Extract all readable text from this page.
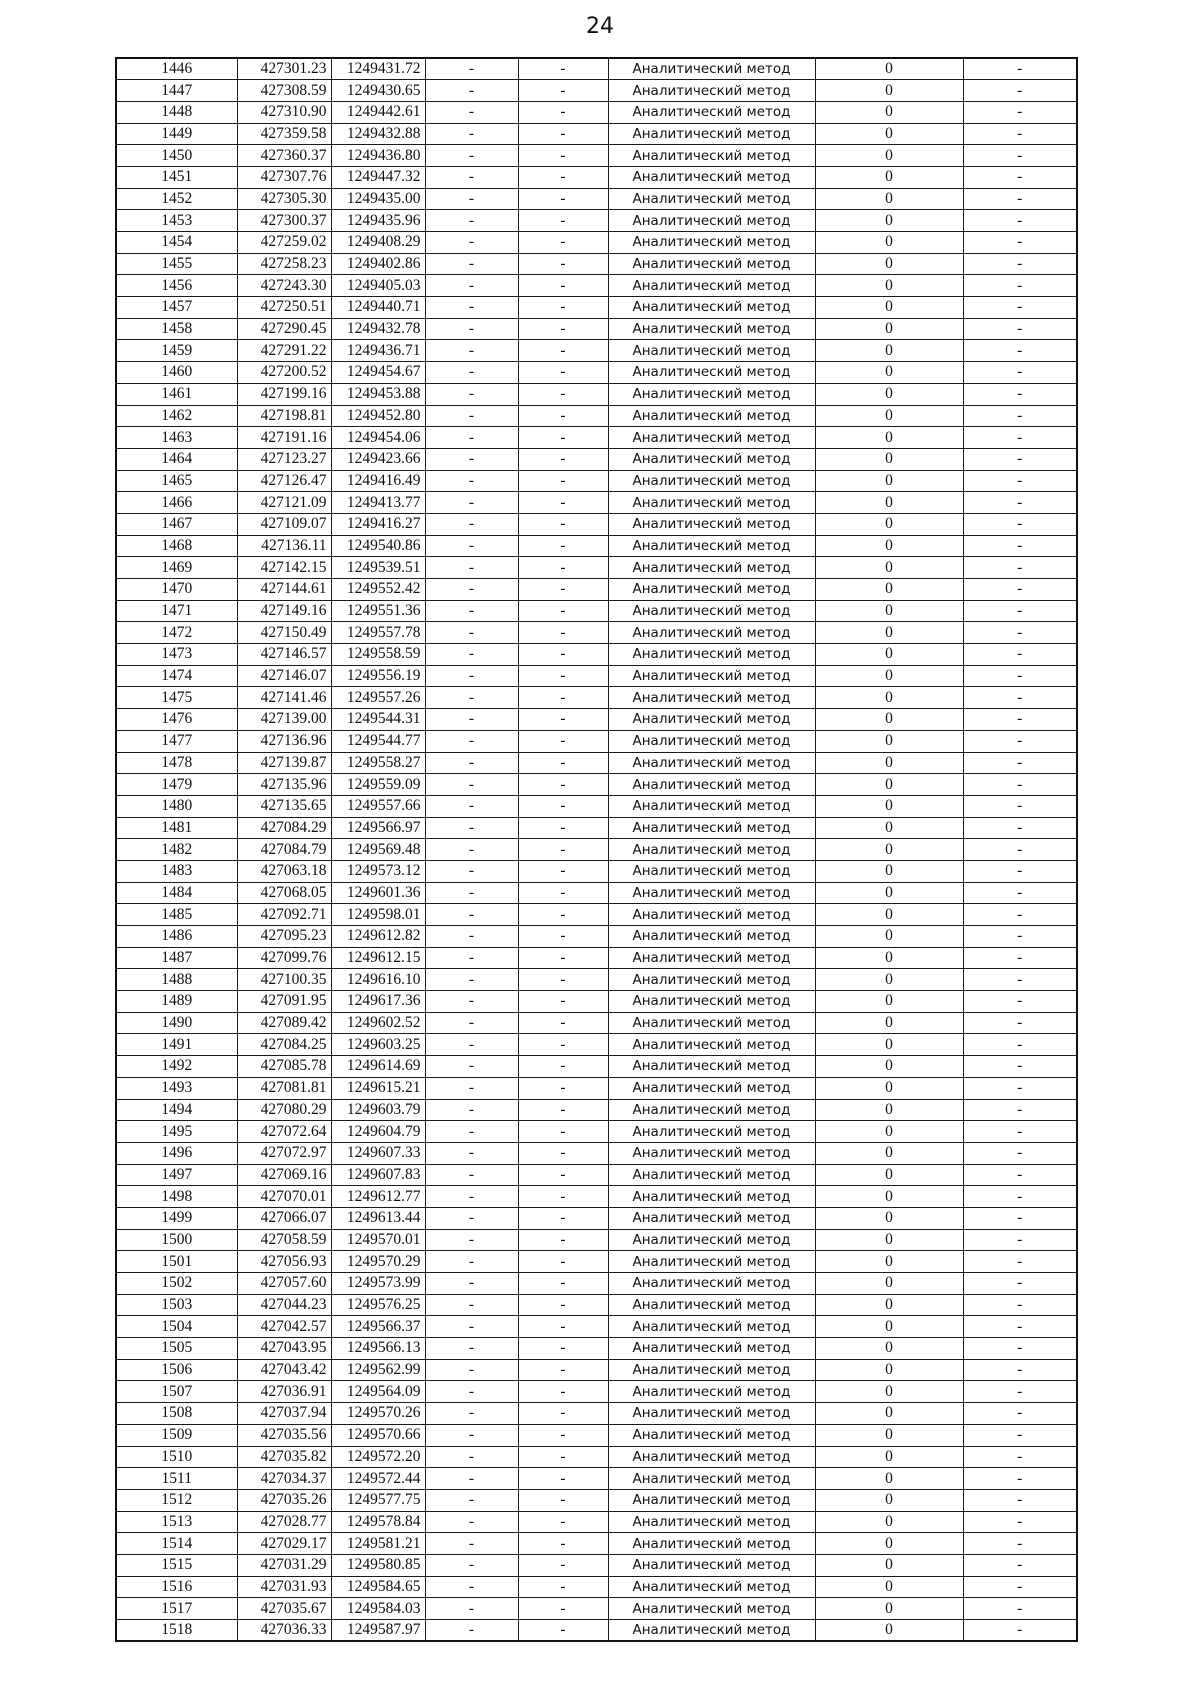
24
1446	427301.23	1249431.72	-	-	Аналитический метод	0	-
1447	427308.59	1249430.65	-	-	Аналитический метод	0	-
1448	427310.90	1249442.61	-	-	Аналитический метод	0	-
1449	427359.58	1249432.88	-	-	Аналитический метод	0	-
1450	427360.37	1249436.80	-	-	Аналитический метод	0	-
1451	427307.76	1249447.32	-	-	Аналитический метод	0	-
1452	427305.30	1249435.00	-	-	Аналитический метод	0	-
1453	427300.37	1249435.96	-	-	Аналитический метод	0	-
1454	427259.02	1249408.29	-	-	Аналитический метод	0	-
1455	427258.23	1249402.86	-	-	Аналитический метод	0	-
1456	427243.30	1249405.03	-	-	Аналитический метод	0	-
1457	427250.51	1249440.71	-	-	Аналитический метод	0	-
1458	427290.45	1249432.78	-	-	Аналитический метод	0	-
1459	427291.22	1249436.71	-	-	Аналитический метод	0	-
1460	427200.52	1249454.67	-	-	Аналитический метод	0	-
1461	427199.16	1249453.88	-	-	Аналитический метод	0	-
1462	427198.81	1249452.80	-	-	Аналитический метод	0	-
1463	427191.16	1249454.06	-	-	Аналитический метод	0	-
1464	427123.27	1249423.66	-	-	Аналитический метод	0	-
1465	427126.47	1249416.49	-	-	Аналитический метод	0	-
1466	427121.09	1249413.77	-	-	Аналитический метод	0	-
1467	427109.07	1249416.27	-	-	Аналитический метод	0	-
1468	427136.11	1249540.86	-	-	Аналитический метод	0	-
1469	427142.15	1249539.51	-	-	Аналитический метод	0	-
1470	427144.61	1249552.42	-	-	Аналитический метод	0	-
1471	427149.16	1249551.36	-	-	Аналитический метод	0	-
1472	427150.49	1249557.78	-	-	Аналитический метод	0	-
1473	427146.57	1249558.59	-	-	Аналитический метод	0	-
1474	427146.07	1249556.19	-	-	Аналитический метод	0	-
1475	427141.46	1249557.26	-	-	Аналитический метод	0	-
1476	427139.00	1249544.31	-	-	Аналитический метод	0	-
1477	427136.96	1249544.77	-	-	Аналитический метод	0	-
1478	427139.87	1249558.27	-	-	Аналитический метод	0	-
1479	427135.96	1249559.09	-	-	Аналитический метод	0	-
1480	427135.65	1249557.66	-	-	Аналитический метод	0	-
1481	427084.29	1249566.97	-	-	Аналитический метод	0	-
1482	427084.79	1249569.48	-	-	Аналитический метод	0	-
1483	427063.18	1249573.12	-	-	Аналитический метод	0	-
1484	427068.05	1249601.36	-	-	Аналитический метод	0	-
1485	427092.71	1249598.01	-	-	Аналитический метод	0	-
1486	427095.23	1249612.82	-	-	Аналитический метод	0	-
1487	427099.76	1249612.15	-	-	Аналитический метод	0	-
1488	427100.35	1249616.10	-	-	Аналитический метод	0	-
1489	427091.95	1249617.36	-	-	Аналитический метод	0	-
1490	427089.42	1249602.52	-	-	Аналитический метод	0	-
1491	427084.25	1249603.25	-	-	Аналитический метод	0	-
1492	427085.78	1249614.69	-	-	Аналитический метод	0	-
1493	427081.81	1249615.21	-	-	Аналитический метод	0	-
1494	427080.29	1249603.79	-	-	Аналитический метод	0	-
1495	427072.64	1249604.79	-	-	Аналитический метод	0	-
1496	427072.97	1249607.33	-	-	Аналитический метод	0	-
1497	427069.16	1249607.83	-	-	Аналитический метод	0	-
1498	427070.01	1249612.77	-	-	Аналитический метод	0	-
1499	427066.07	1249613.44	-	-	Аналитический метод	0	-
1500	427058.59	1249570.01	-	-	Аналитический метод	0	-
1501	427056.93	1249570.29	-	-	Аналитический метод	0	-
1502	427057.60	1249573.99	-	-	Аналитический метод	0	-
1503	427044.23	1249576.25	-	-	Аналитический метод	0	-
1504	427042.57	1249566.37	-	-	Аналитический метод	0	-
1505	427043.95	1249566.13	-	-	Аналитический метод	0	-
1506	427043.42	1249562.99	-	-	Аналитический метод	0	-
1507	427036.91	1249564.09	-	-	Аналитический метод	0	-
1508	427037.94	1249570.26	-	-	Аналитический метод	0	-
1509	427035.56	1249570.66	-	-	Аналитический метод	0	-
1510	427035.82	1249572.20	-	-	Аналитический метод	0	-
1511	427034.37	1249572.44	-	-	Аналитический метод	0	-
1512	427035.26	1249577.75	-	-	Аналитический метод	0	-
1513	427028.77	1249578.84	-	-	Аналитический метод	0	-
1514	427029.17	1249581.21	-	-	Аналитический метод	0	-
1515	427031.29	1249580.85	-	-	Аналитический метод	0	-
1516	427031.93	1249584.65	-	-	Аналитический метод	0	-
1517	427035.67	1249584.03	-	-	Аналитический метод	0	-
1518	427036.33	1249587.97	-	-	Аналитический метод	0	-
